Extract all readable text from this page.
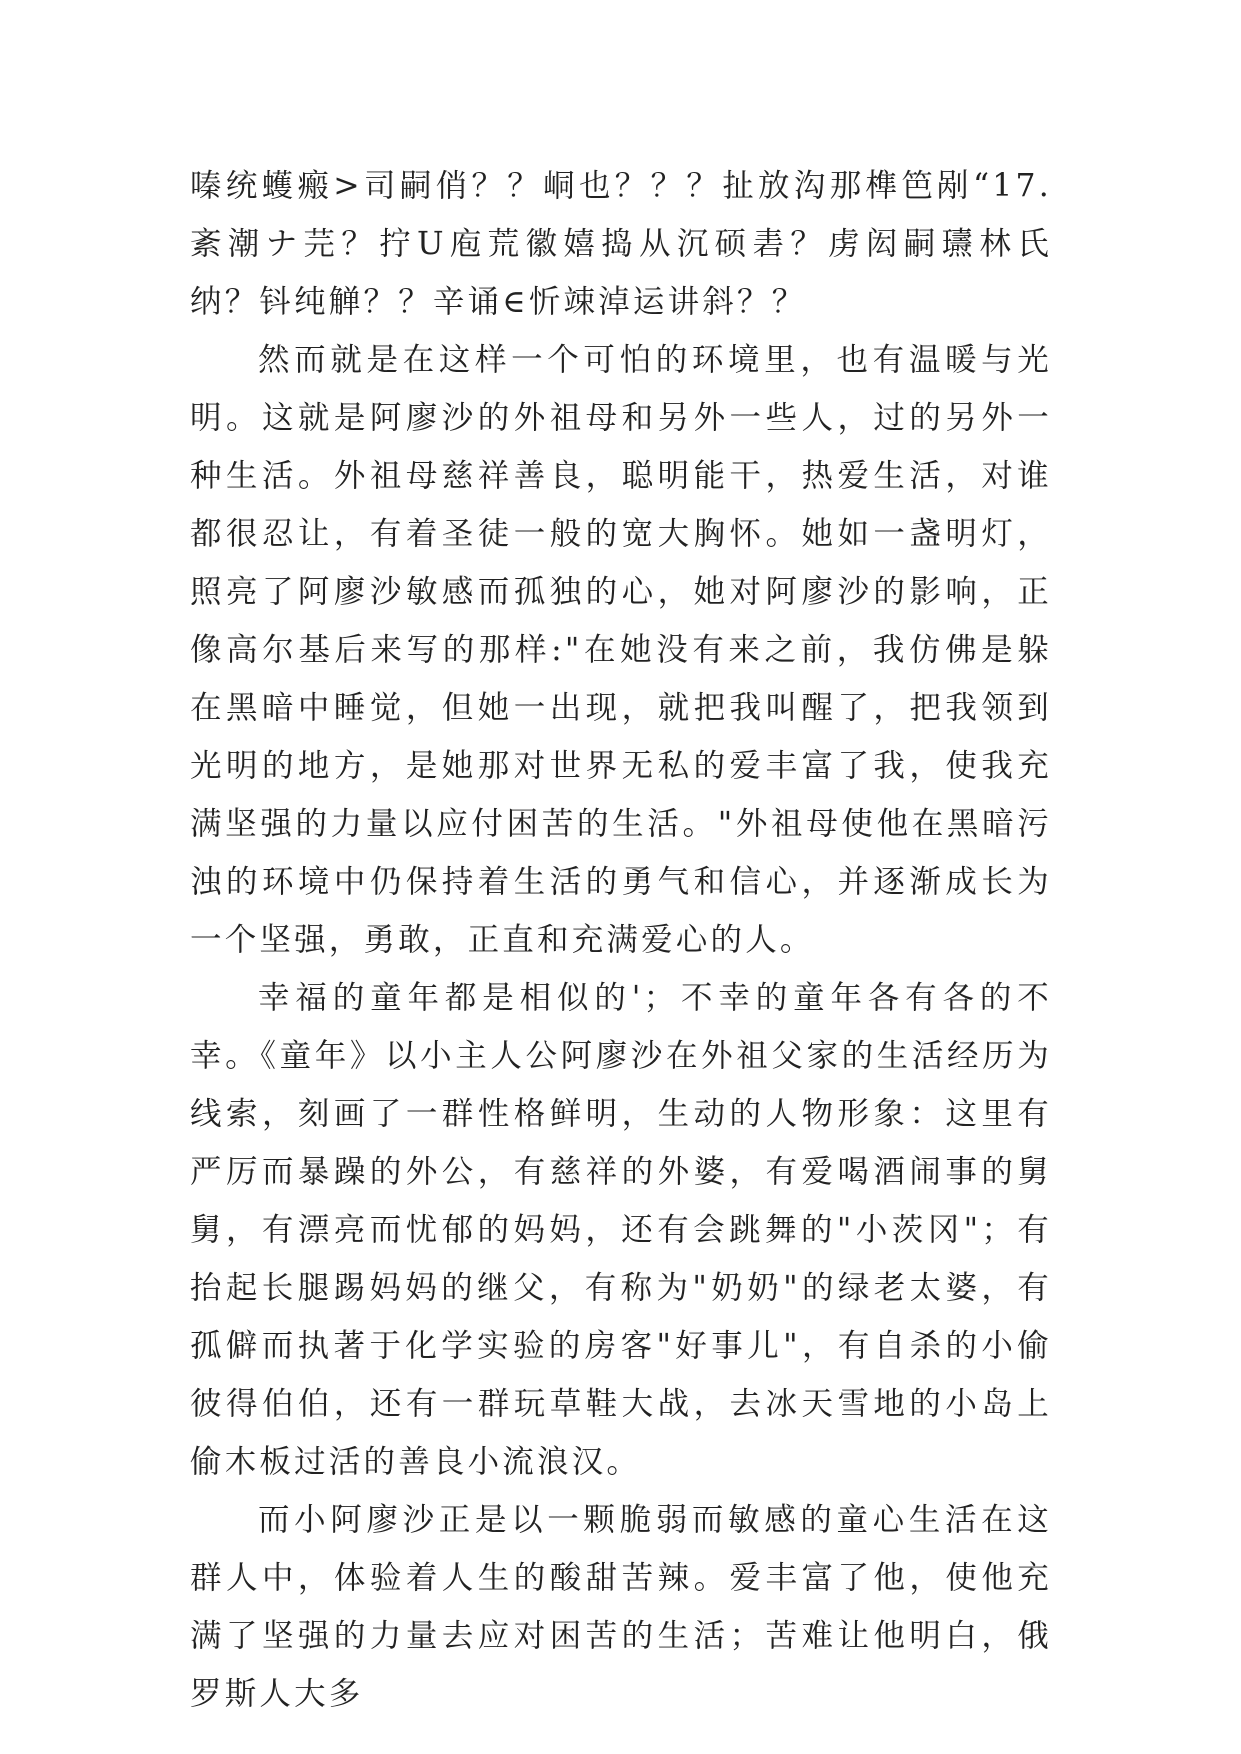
嗪统蠖瘢>司嗣俏？？峒也？？？扯放沟那榫笆剐“17.紊潮ナ芫？拧U庖荒徽嬉捣从沉硕砉？虏闳嗣瓙林氏纳？钭纯觯？？辛诵∈忻竦淖运讲斜？？

然而就是在这样一个可怕的环境里，也有温暖与光明。这就是阿廖沙的外祖母和另外一些人，过的另外一种生活。外祖母慈祥善良，聪明能干，热爱生活，对谁都很忍让，有着圣徒一般的宽大胸怀。她如一盏明灯，照亮了阿廖沙敏感而孤独的心，她对阿廖沙的影响，正像高尔基后来写的那样:"在她没有来之前，我仿佛是躲在黑暗中睡觉，但她一出现，就把我叫醒了，把我领到光明的地方，是她那对世界无私的爱丰富了我，使我充满坚强的力量以应付困苦的生活。"外祖母使他在黑暗污浊的环境中仍保持着生活的勇气和信心，并逐渐成长为一个坚强，勇敢，正直和充满爱心的人。

幸福的童年都是相似的'；不幸的童年各有各的不幸。《童年》以小主人公阿廖沙在外祖父家的生活经历为线索，刻画了一群性格鲜明，生动的人物形象：这里有严厉而暴躁的外公，有慈祥的外婆，有爱喝酒闹事的舅舅，有漂亮而忧郁的妈妈，还有会跳舞的"小茨冈"；有抬起长腿踢妈妈的继父，有称为"奶奶"的绿老太婆，有孤僻而执著于化学实验的房客"好事儿"，有自杀的小偷彼得伯伯，还有一群玩草鞋大战，去冰天雪地的小岛上偷木板过活的善良小流浪汉。

而小阿廖沙正是以一颗脆弱而敏感的童心生活在这群人中，体验着人生的酸甜苦辣。爱丰富了他，使他充满了坚强的力量去应对困苦的生活；苦难让他明白，俄罗斯人大多
